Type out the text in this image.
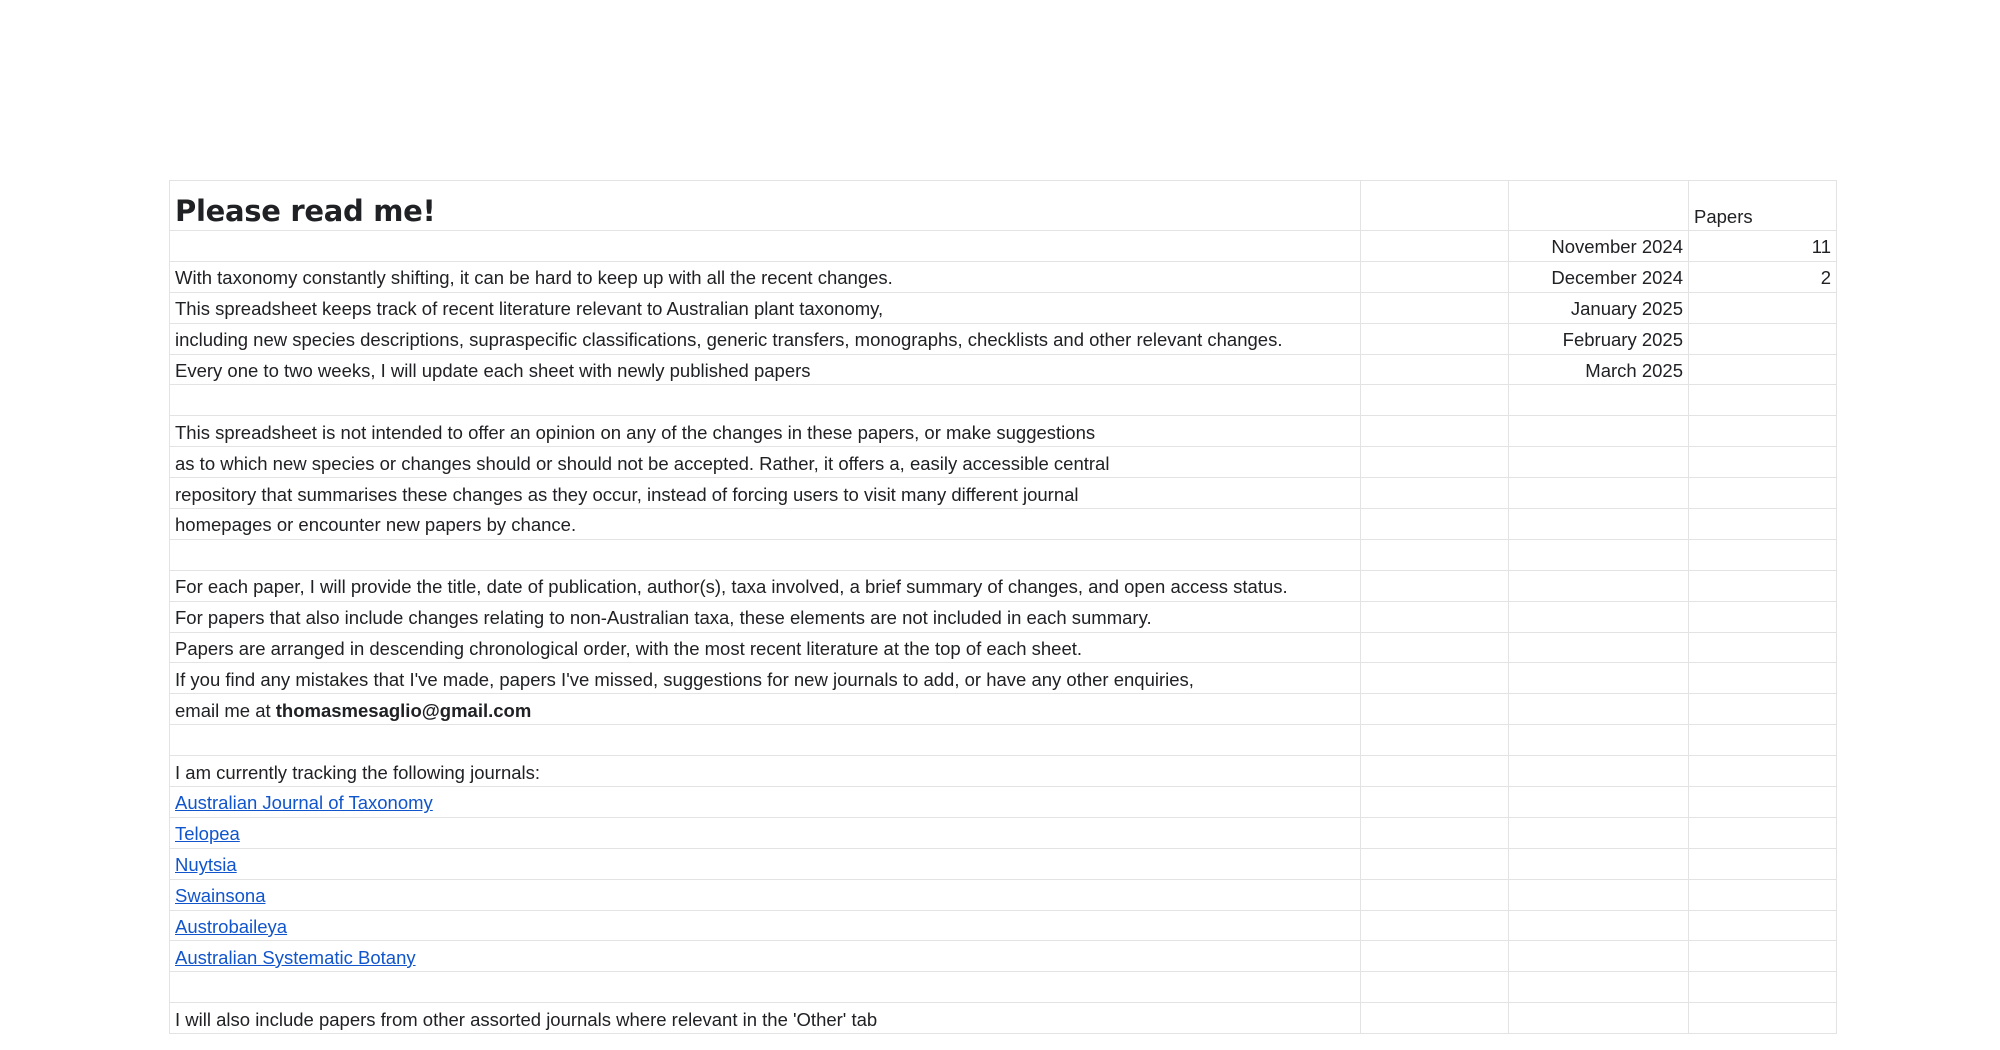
Please read me!			Papers
		November 2024	11
With taxonomy constantly shifting, it can be hard to keep up with all the recent changes.		December 2024	2
This spreadsheet keeps track of recent literature relevant to Australian plant taxonomy,		January 2025	
including new species descriptions, supraspecific classifications, generic transfers, monographs, checklists and other relevant changes.		February 2025	
Every one to two weeks, I will update each sheet with newly published papers		March 2025	

This spreadsheet is not intended to offer an opinion on any of the changes in these papers, or make suggestions			
as to which new species or changes should or should not be accepted. Rather, it offers a, easily accessible central			
repository that summarises these changes as they occur, instead of forcing users to visit many different journal			
homepages or encounter new papers by chance.			

For each paper, I will provide the title, date of publication, author(s), taxa involved, a brief summary of changes, and open access status.			
For papers that also include changes relating to non-Australian taxa, these elements are not included in each summary.			
Papers are arranged in descending chronological order, with the most recent literature at the top of each sheet.			
If you find any mistakes that I've made, papers I've missed, suggestions for new journals to add, or have any other enquiries,			
email me at thomasmesaglio@gmail.com			

I am currently tracking the following journals:			
Australian Journal of Taxonomy			
Telopea			
Nuytsia			
Swainsona			
Austrobaileya			
Australian Systematic Botany			

I will also include papers from other assorted journals where relevant in the 'Other' tab			
